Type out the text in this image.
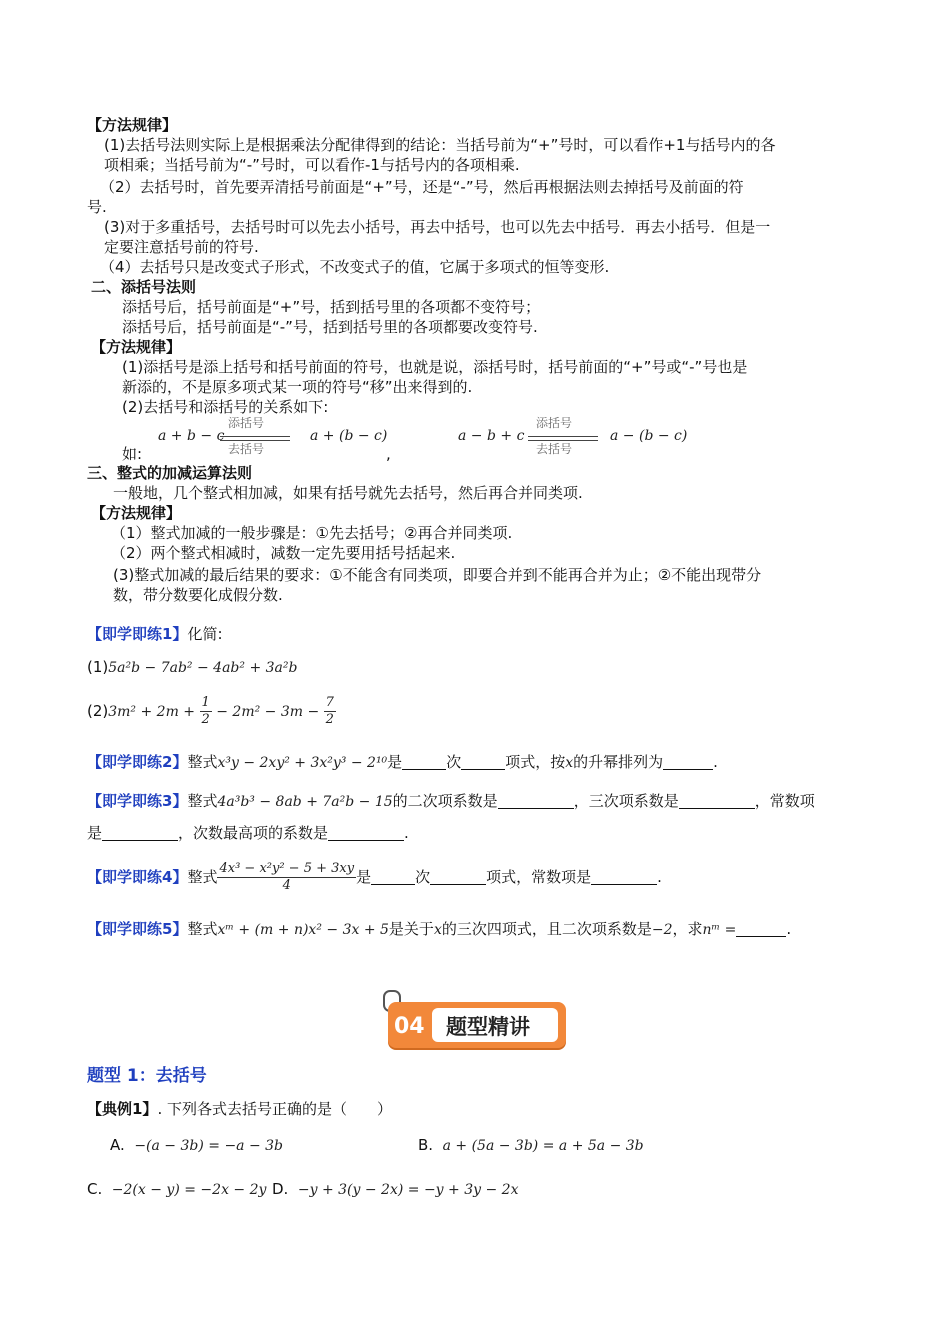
【方法规律】
(1)去括号法则实际上是根据乘法分配律得到的结论：当括号前为“+”号时，可以看作+1与括号内的各
项相乘；当括号前为“-”号时，可以看作-1与括号内的各项相乘.
（2）去括号时，首先要弄清括号前面是“+”号，还是“-”号，然后再根据法则去掉括号及前面的符
号.
(3)对于多重括号，去括号时可以先去小括号，再去中括号，也可以先去中括号．再去小括号．但是一
定要注意括号前的符号.
（4）去括号只是改变式子形式，不改变式子的值，它属于多项式的恒等变形.
二、添括号法则
添括号后，括号前面是“+”号，括到括号里的各项都不变符号；
添括号后，括号前面是“-”号，括到括号里的各项都要改变符号.
【方法规律】
(1)添括号是添上括号和括号前面的符号，也就是说，添括号时，括号前面的“+”号或“-”号也是
新添的，不是原多项式某一项的符号“移”出来得到的.
(2)去括号和添括号的关系如下:
a + b − c
添括号
去括号
a + (b − c)
如:	,
a − b + c
添括号
去括号
a − (b − c)
三、整式的加减运算法则
一般地，几个整式相加减，如果有括号就先去括号，然后再合并同类项.
【方法规律】
（1）整式加减的一般步骤是：①先去括号；②再合并同类项.
（2）两个整式相减时，减数一定先要用括号括起来.
(3)整式加减的最后结果的要求：①不能含有同类项，即要合并到不能再合并为止；②不能出现带分
数，带分数要化成假分数.
【即学即练1】化简:
(1)5a²b − 7ab² − 4ab² + 3a²b
$(2)3m^2 + 2m + \frac{1}{2} - 2m^2 - 3m - \frac{7}{2}$
【即学即练2】整式x³y − 2xy² + 3x²y³ − 2¹⁰是	次	项式，按x的升幂排列为	.
【即学即练3】整式4a³b³ − 8ab + 7a²b − 15的二次项系数是	，三次项系数是	，常数项
是	，次数最高项的系数是	.
【即学即练4】整式 $\frac{\text{4x³ − x²y² − 5 + 3xy}}{4}$ 是	次	项式，常数项是	.
【即学即练5】整式xᵐ + (m + n)x² − 3x + 5是关于x的三次四项式，且二次项系数是−2，求nᵐ =	.
04 题型精讲
题型 1：去括号
【典例1】. 下列各式去括号正确的是（　　）
A. −(a − 3b) = −a − 3b	B. a + (5a − 3b) = a + 5a − 3b
C. −2(x − y) = −2x − 2y D. −y + 3(y − 2x) = −y + 3y − 2x
